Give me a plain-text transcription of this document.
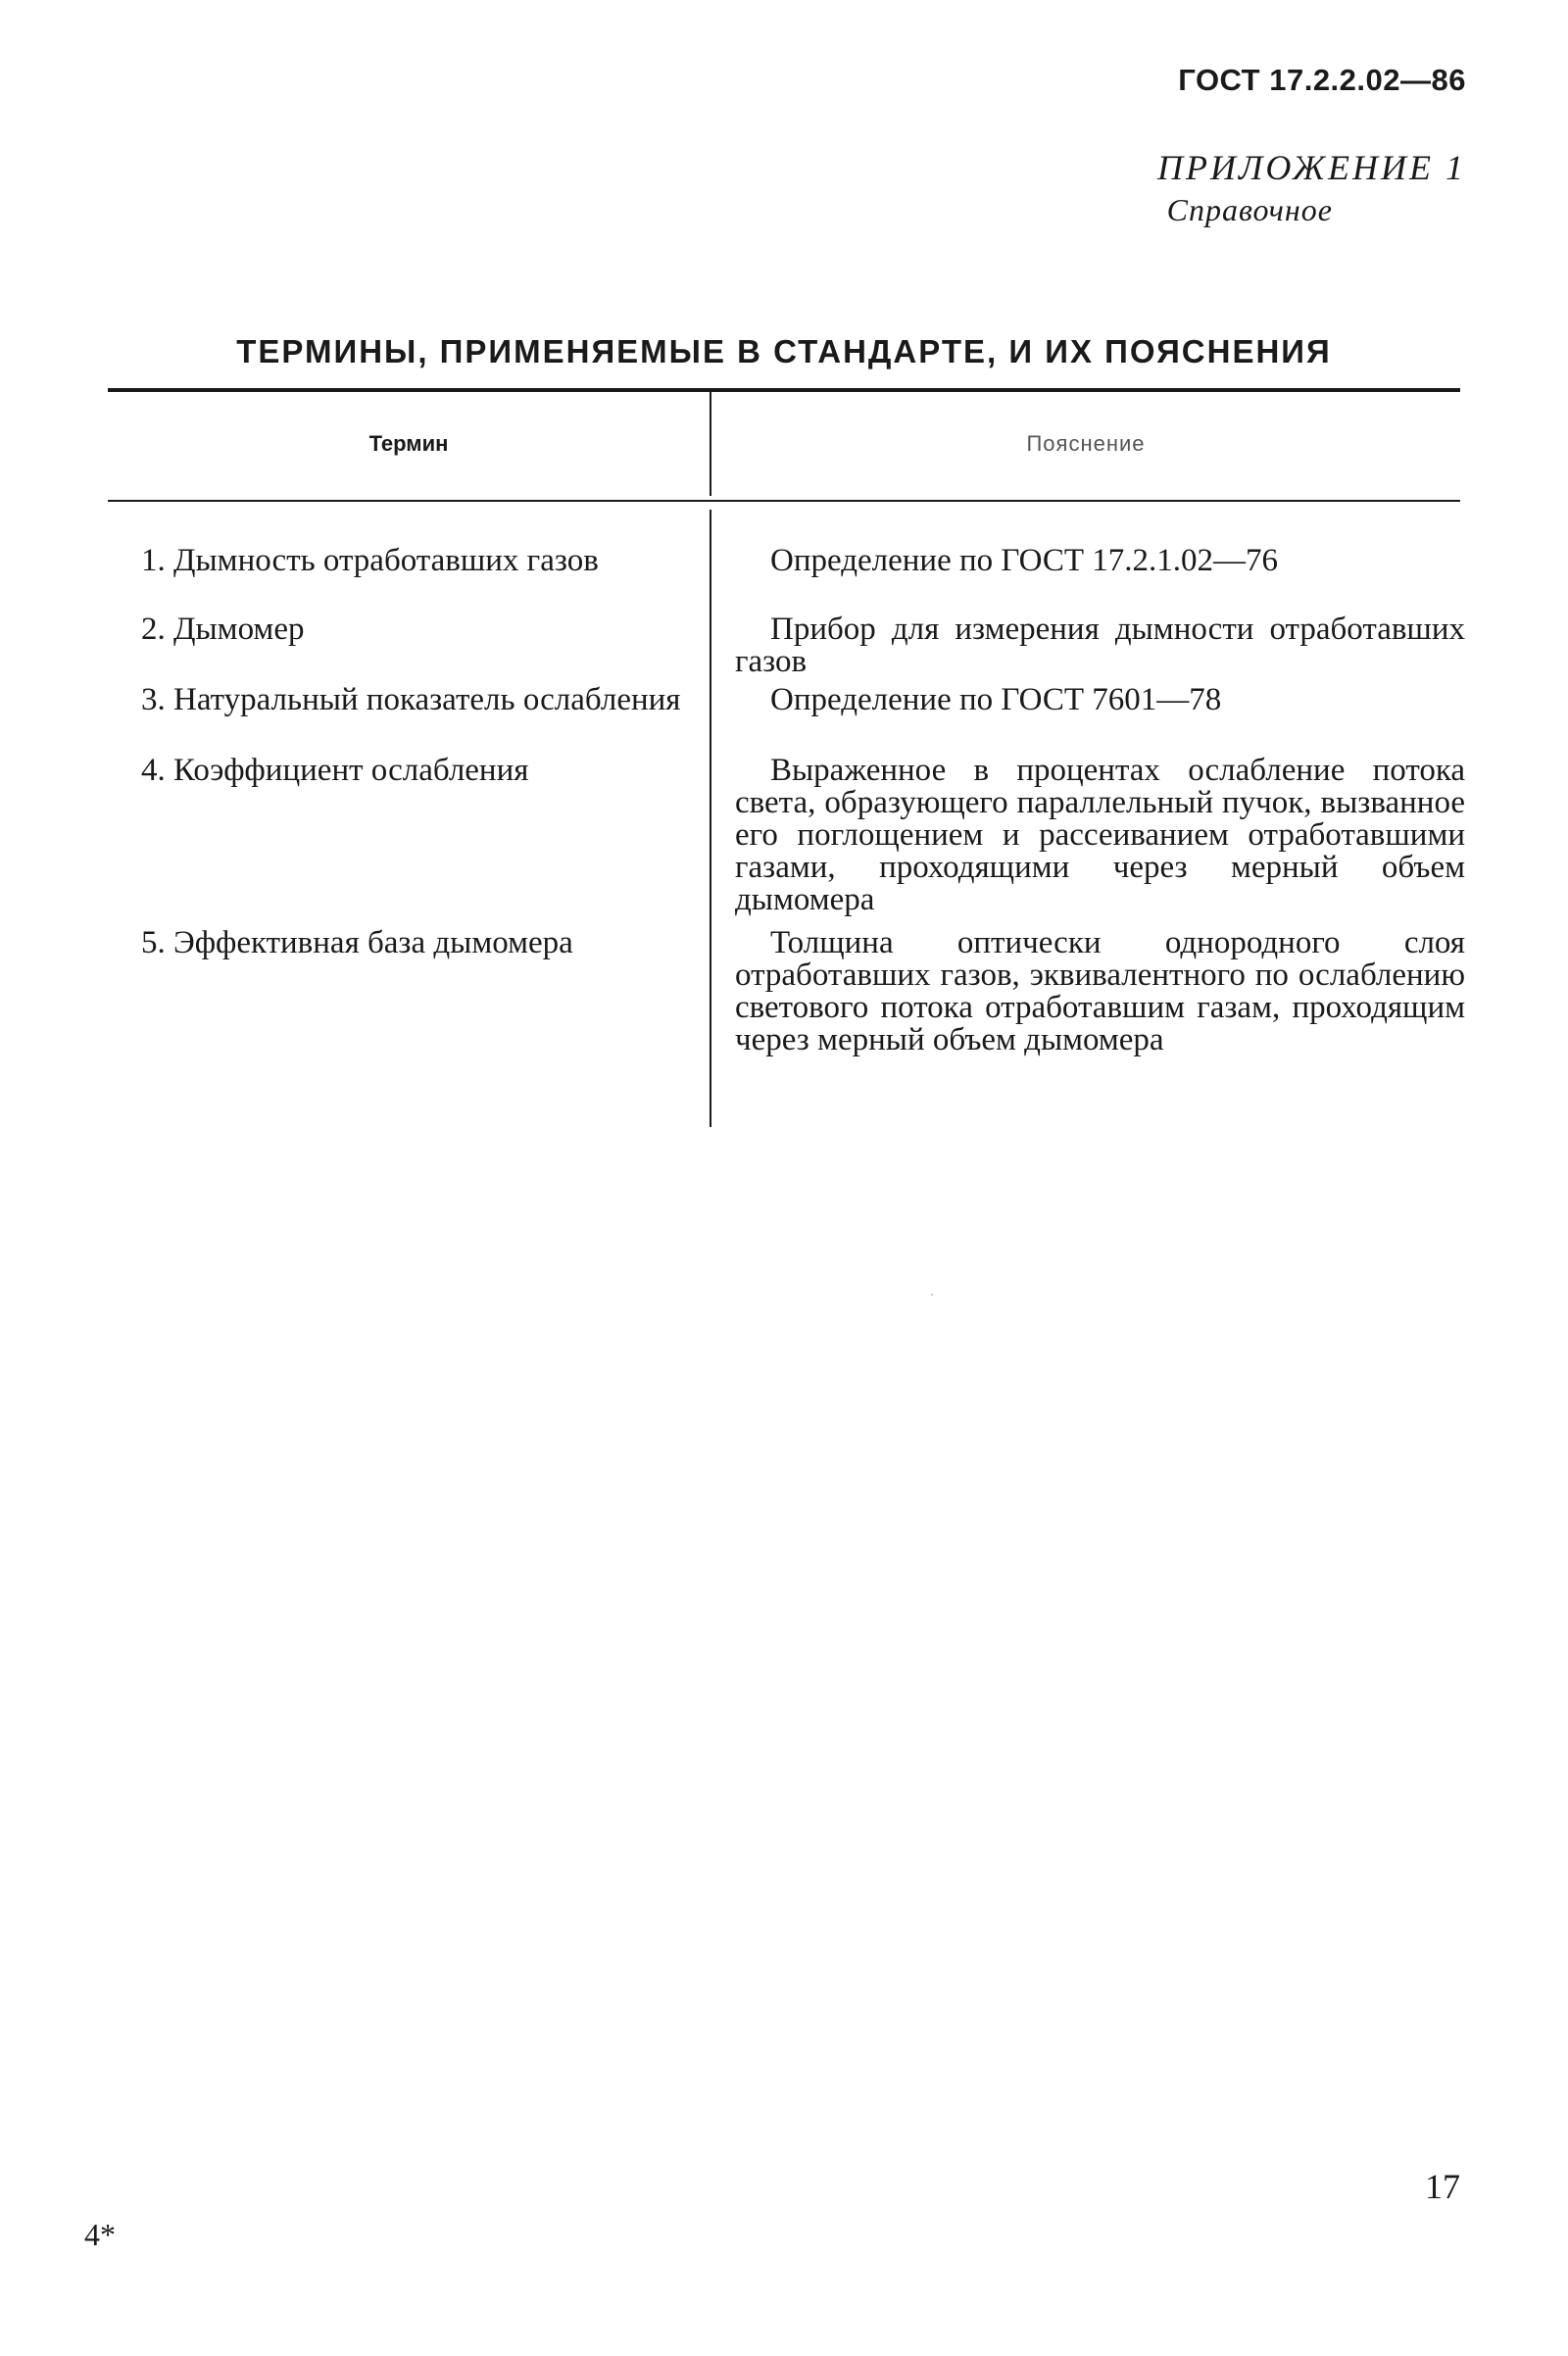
ГОСТ 17.2.2.02—86
ПРИЛОЖЕНИЕ 1
Справочное
ТЕРМИНЫ, ПРИМЕНЯЕМЫЕ В СТАНДАРТЕ, И ИХ ПОЯСНЕНИЯ
Термин	Пояснение
1. Дымность отработавших газов	Определение по ГОСТ 17.2.1.02—76
2. Дымомер	Прибор для измерения дымности отработавших газов
3. Натуральный показатель ослабления	Определение по ГОСТ 7601—78
4. Коэффициент ослабления	Выраженное в процентах ослабление потока света, образующего параллельный пучок, вызванное его поглощением и рассеиванием отработавшими газами, проходящими через мерный объем дымомера
5. Эффективная база дымомера	Толщина оптически однородного слоя отработавших газов, эквивалентного по ослаблению светового потока отработавшим газам, проходящим через мерный объем дымомера
17
4*
